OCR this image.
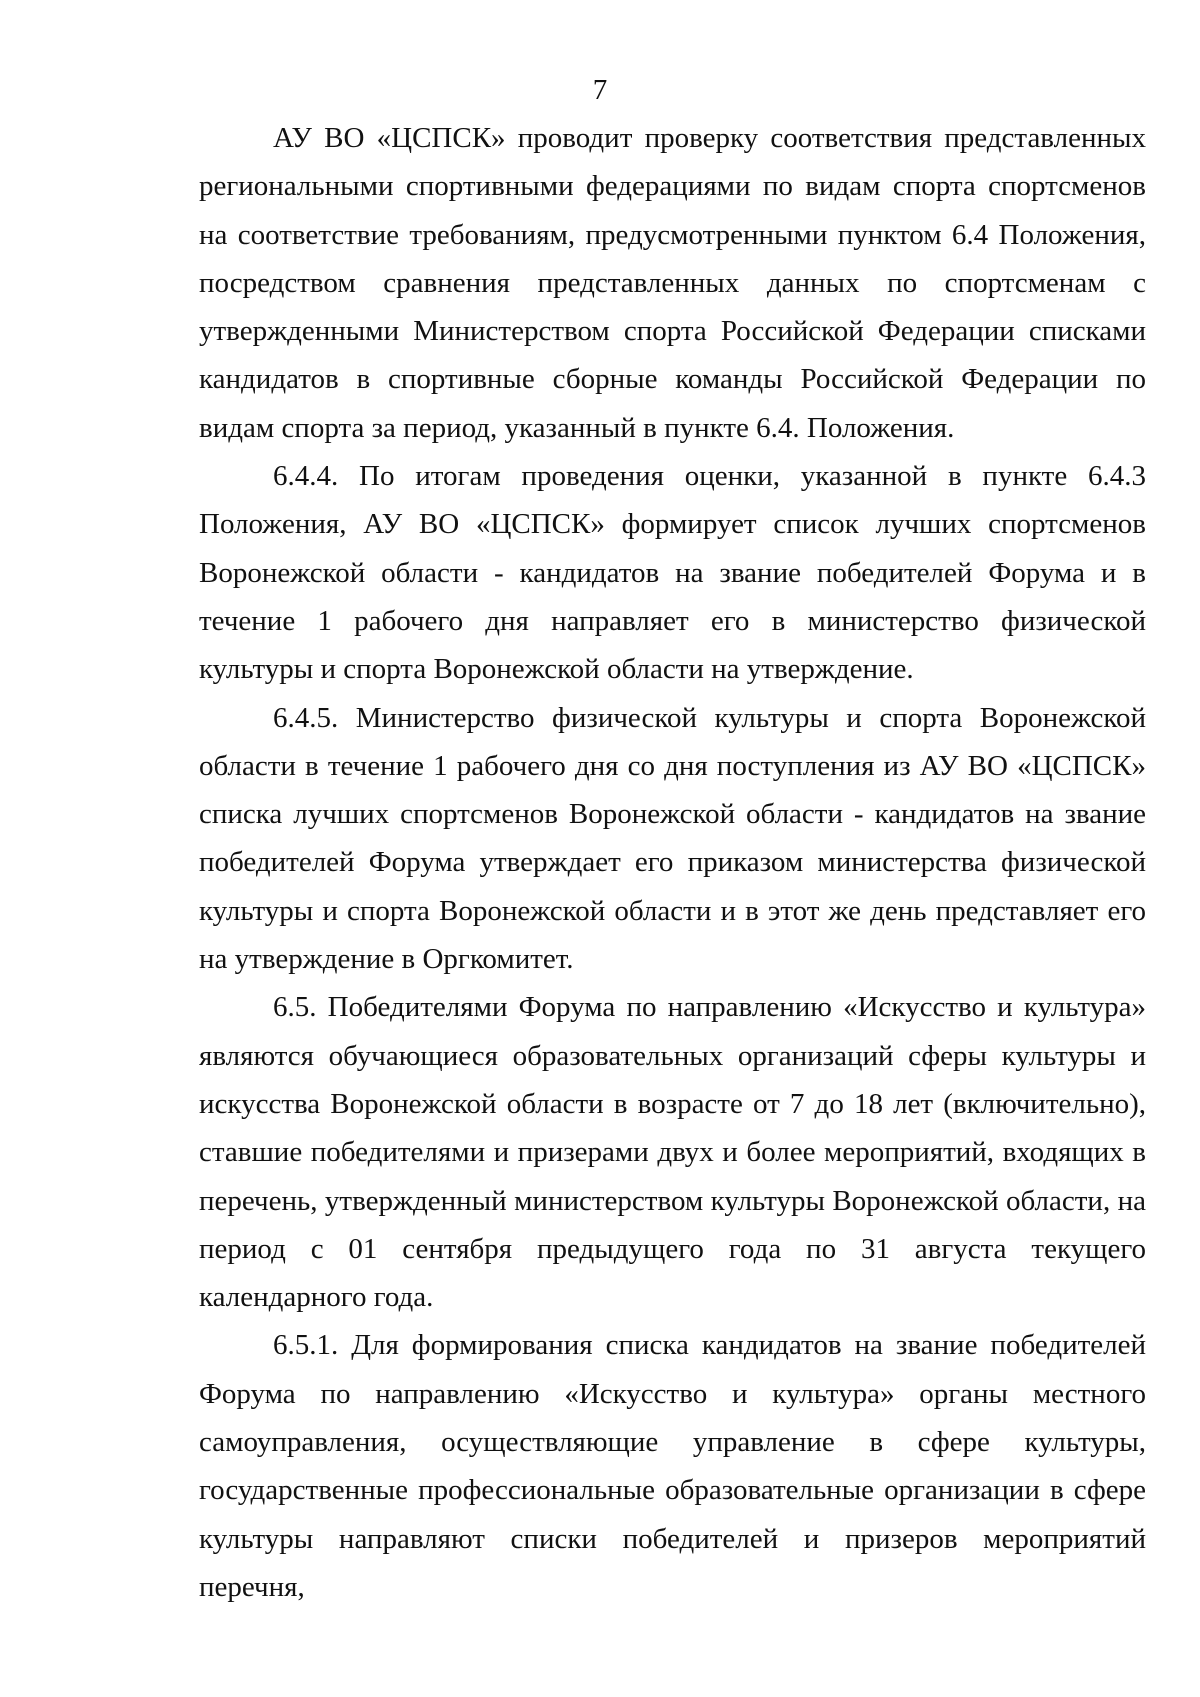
7

АУ ВО «ЦСПСК» проводит проверку соответствия представленных региональными спортивными федерациями по видам спорта спортсменов на соответствие требованиям, предусмотренными пунктом 6.4 Положения, посредством сравнения представленных данных по спортсменам с утвержденными Министерством спорта Российской Федерации списками кандидатов в спортивные сборные команды Российской Федерации по видам спорта за период, указанный в пункте 6.4. Положения.

6.4.4. По итогам проведения оценки, указанной в пункте 6.4.3 Положения, АУ ВО «ЦСПСК» формирует список лучших спортсменов Воронежской области - кандидатов на звание победителей Форума и в течение 1 рабочего дня направляет его в министерство физической культуры и спорта Воронежской области на утверждение.

6.4.5. Министерство физической культуры и спорта Воронежской области в течение 1 рабочего дня со дня поступления из АУ ВО «ЦСПСК» списка лучших спортсменов Воронежской области - кандидатов на звание победителей Форума утверждает его приказом министерства физической культуры и спорта Воронежской области и в этот же день представляет его на утверждение в Оргкомитет.

6.5. Победителями Форума по направлению «Искусство и культура» являются обучающиеся образовательных организаций сферы культуры и искусства Воронежской области в возрасте от 7 до 18 лет (включительно), ставшие победителями и призерами двух и более мероприятий, входящих в перечень, утвержденный министерством культуры Воронежской области, на период с 01 сентября предыдущего года по 31 августа текущего календарного года.

6.5.1. Для формирования списка кандидатов на звание победителей Форума по направлению «Искусство и культура» органы местного самоуправления, осуществляющие управление в сфере культуры, государственные профессиональные образовательные организации в сфере культуры направляют списки победителей и призеров мероприятий перечня,
